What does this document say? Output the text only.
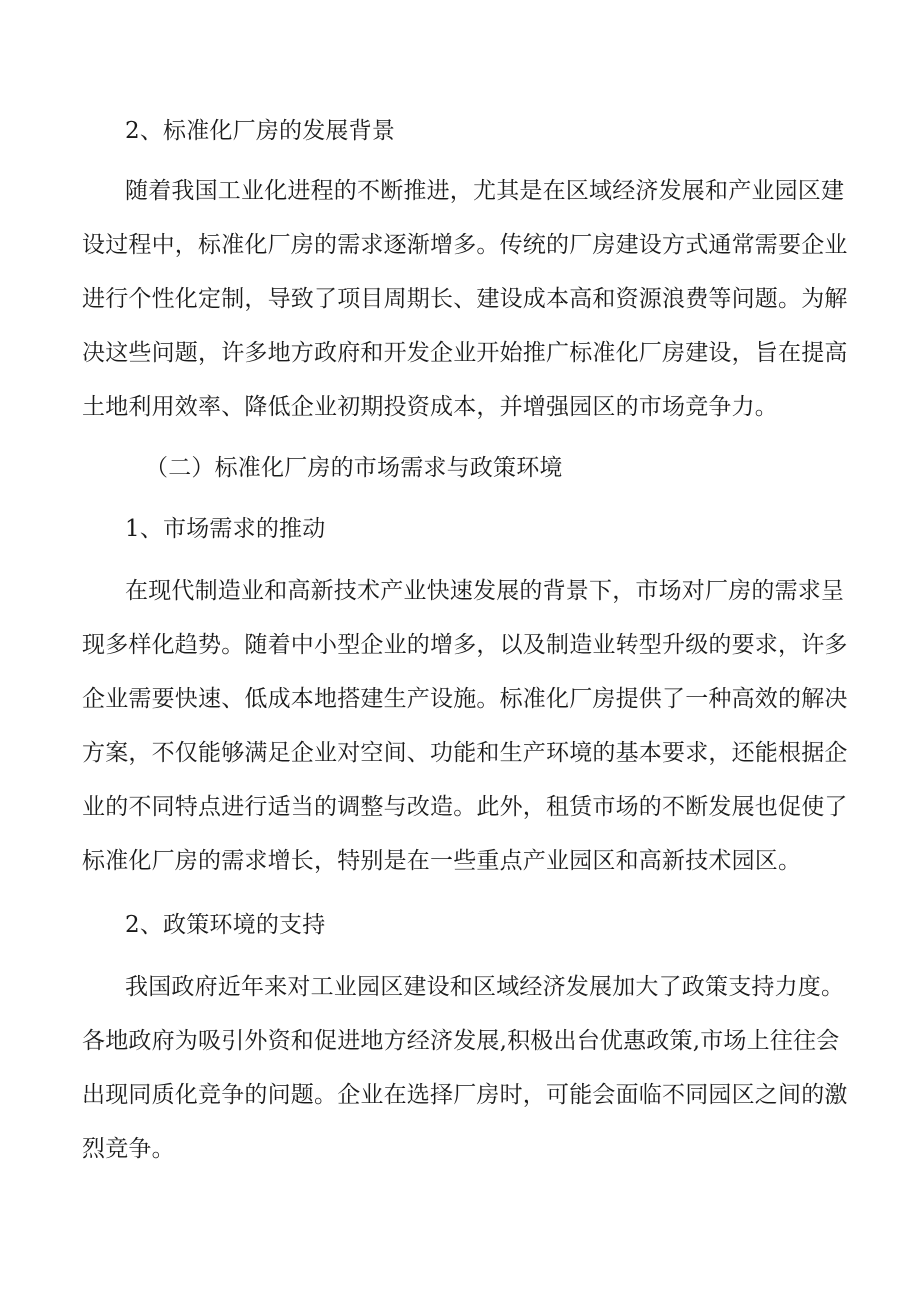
2、标准化厂房的发展背景

随着我国工业化进程的不断推进，尤其是在区域经济发展和产业园区建

设过程中，标准化厂房的需求逐渐增多。传统的厂房建设方式通常需要企业

进行个性化定制，导致了项目周期长、建设成本高和资源浪费等问题。为解

决这些问题，许多地方政府和开发企业开始推广标准化厂房建设，旨在提高

土地利用效率、降低企业初期投资成本，并增强园区的市场竞争力。

（二）标准化厂房的市场需求与政策环境

1、市场需求的推动

在现代制造业和高新技术产业快速发展的背景下，市场对厂房的需求呈

现多样化趋势。随着中小型企业的增多，以及制造业转型升级的要求，许多

企业需要快速、低成本地搭建生产设施。标准化厂房提供了一种高效的解决

方案，不仅能够满足企业对空间、功能和生产环境的基本要求，还能根据企

业的不同特点进行适当的调整与改造。此外，租赁市场的不断发展也促使了

标准化厂房的需求增长，特别是在一些重点产业园区和高新技术园区。

2、政策环境的支持

我国政府近年来对工业园区建设和区域经济发展加大了政策支持力度。

各地政府为吸引外资和促进地方经济发展,积极出台优惠政策,市场上往往会

出现同质化竞争的问题。企业在选择厂房时，可能会面临不同园区之间的激

烈竞争。
